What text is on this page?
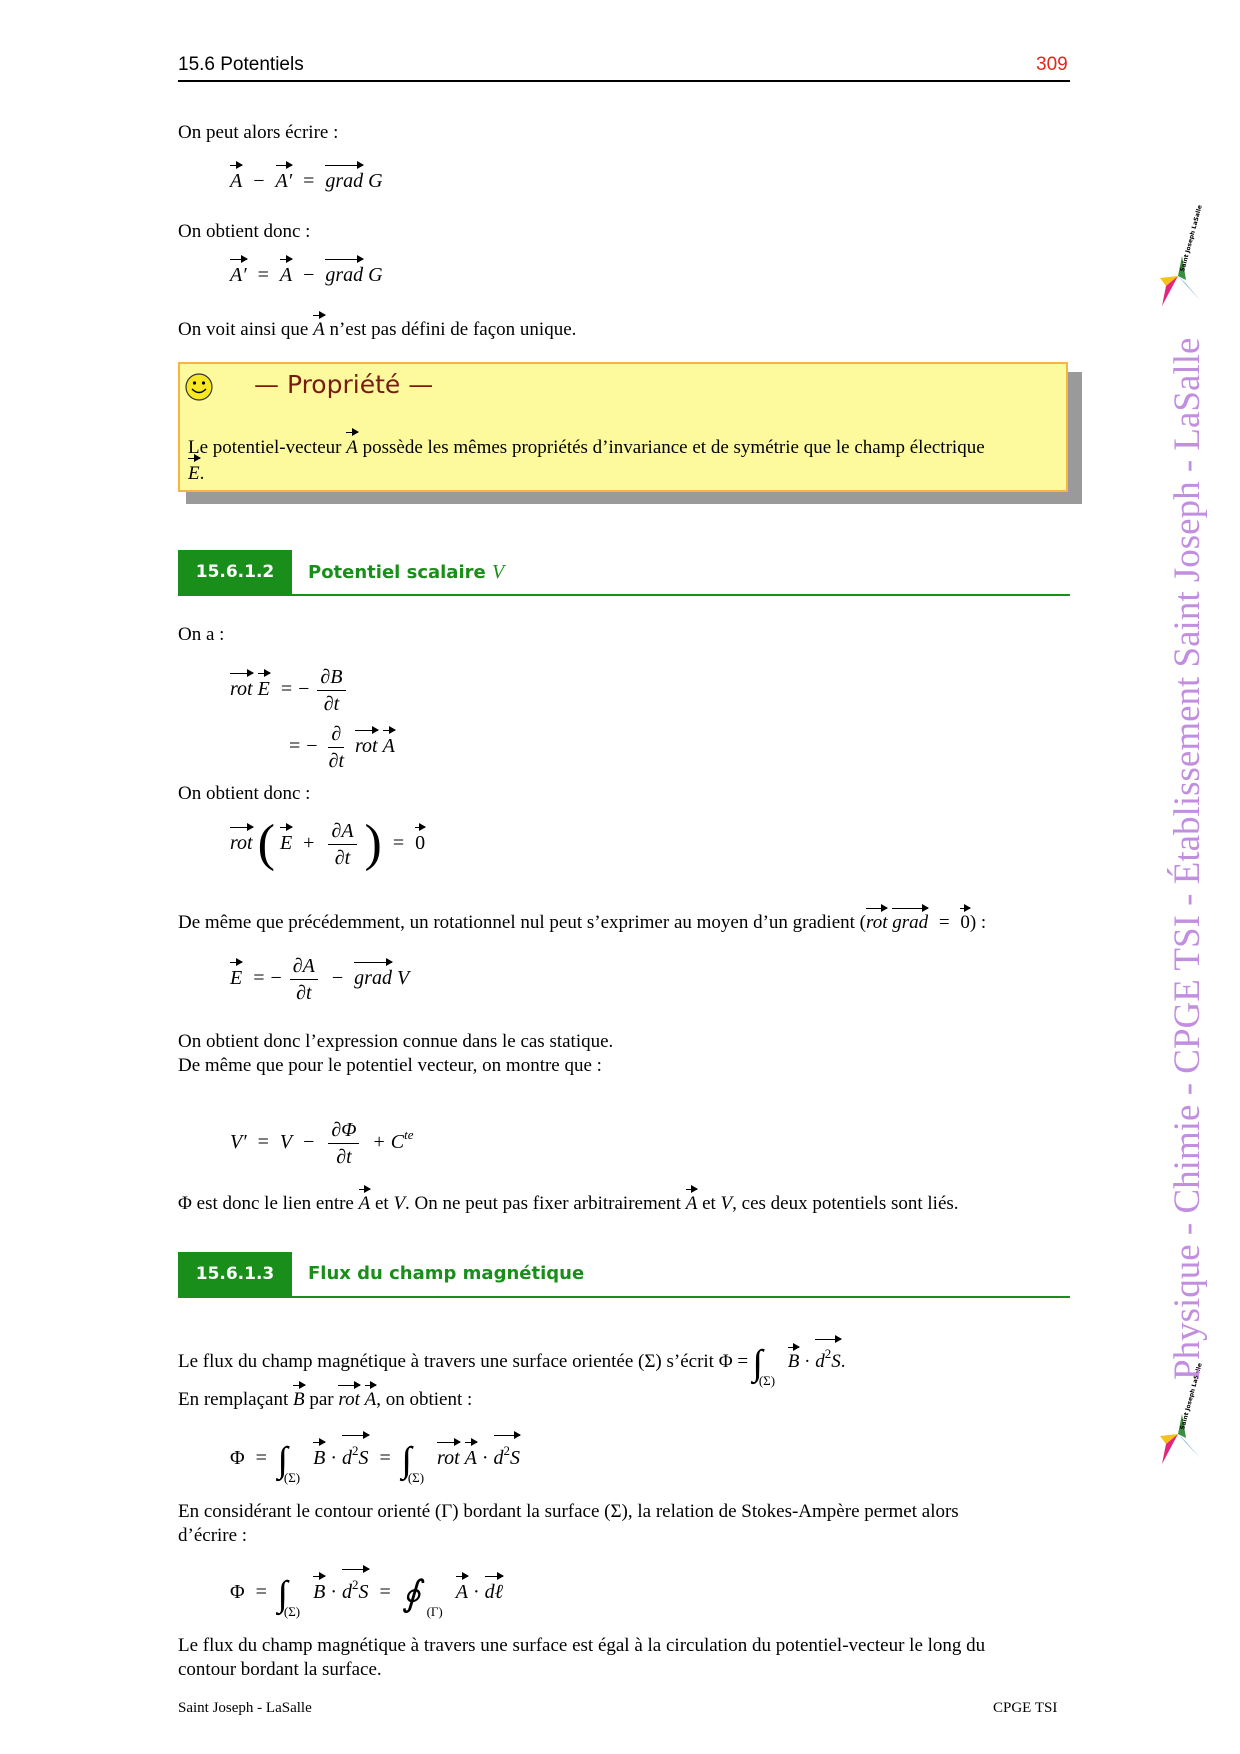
15.6 Potentiels	309
On peut alors écrire :
A − A′ = grad G
On obtient donc :
A′ = A − grad G
On voit ainsi que A n’est pas défini de façon unique.
— Propriété —
Le potentiel-vecteur A possède les mêmes propriétés d’invariance et de symétrie que le champ électrique
E.
15.6.1.2	Potentiel scalaire V
On a :
rot E = − $\frac{\partial B}{\partial t}$
= − $\frac{\partial}{\partial t}$ rot A
On obtient donc :
rot ( $E + \frac{\partial A}{\partial t}$ ) = 0
De même que précédemment, un rotationnel nul peut s’exprimer au moyen d’un gradient (rot grad = 0) :
E = − $\frac{\partial A}{\partial t}$ − grad V
On obtient donc l’expression connue dans le cas statique.
De même que pour le potentiel vecteur, on montre que :
$V' = V - \frac{\partial\Phi}{\partial t} + C^{te}$
Φ est donc le lien entre A et V. On ne peut pas fixer arbitrairement A et V, ces deux potentiels sont liés.
15.6.1.3	Flux du champ magnétique
Le flux du champ magnétique à travers une surface orientée (Σ) s’écrit Φ = $_{(\Sigma)}$ $B \cdot d^2S$.
En remplaçant B par rot A, on obtient :
Φ = $_{(\Sigma)}$ $B \cdot d^2S = _{(\Sigma)}$ rot $A \cdot d^2S$
En considérant le contour orienté (Γ) bordant la surface (Σ), la relation de Stokes-Ampère permet alors
d’écrire :
Φ = $_{(\Sigma)}$ $B \cdot d^2S$ = ∮ $_{(\Gamma)}$ A · dℓ
Le flux du champ magnétique à travers une surface est égal à la circulation du potentiel-vecteur le long du
contour bordant la surface.
Saint Joseph LaSalle
Saint Joseph LaSalle
Physique - Chimie - CPGE TSI - Établissement Saint Joseph - LaSalle
Saint Joseph - LaSalle	CPGE TSI
